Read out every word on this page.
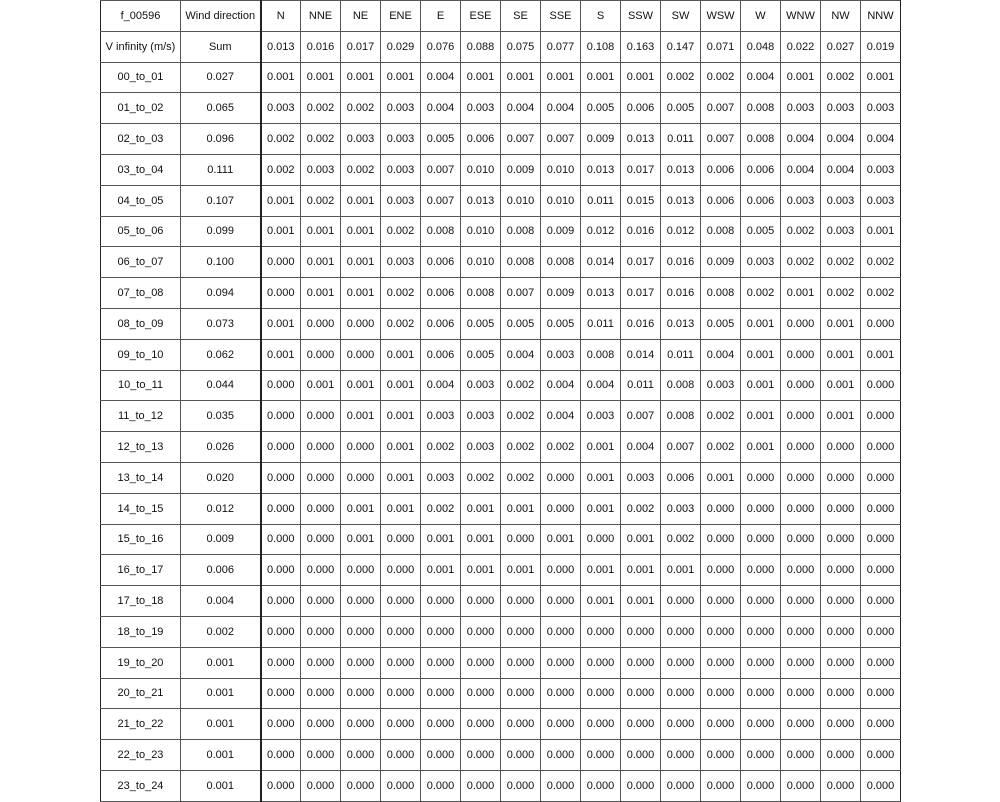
f_00596	Wind direction	N	NNE	NE	ENE	E	ESE	SE	SSE	S	SSW	SW	WSW	W	WNW	NW	NNW
V infinity (m/s)	Sum	0.013	0.016	0.017	0.029	0.076	0.088	0.075	0.077	0.108	0.163	0.147	0.071	0.048	0.022	0.027	0.019
00_to_01	0.027	0.001	0.001	0.001	0.001	0.004	0.001	0.001	0.001	0.001	0.001	0.002	0.002	0.004	0.001	0.002	0.001
01_to_02	0.065	0.003	0.002	0.002	0.003	0.004	0.003	0.004	0.004	0.005	0.006	0.005	0.007	0.008	0.003	0.003	0.003
02_to_03	0.096	0.002	0.002	0.003	0.003	0.005	0.006	0.007	0.007	0.009	0.013	0.011	0.007	0.008	0.004	0.004	0.004
03_to_04	0.111	0.002	0.003	0.002	0.003	0.007	0.010	0.009	0.010	0.013	0.017	0.013	0.006	0.006	0.004	0.004	0.003
04_to_05	0.107	0.001	0.002	0.001	0.003	0.007	0.013	0.010	0.010	0.011	0.015	0.013	0.006	0.006	0.003	0.003	0.003
05_to_06	0.099	0.001	0.001	0.001	0.002	0.008	0.010	0.008	0.009	0.012	0.016	0.012	0.008	0.005	0.002	0.003	0.001
06_to_07	0.100	0.000	0.001	0.001	0.003	0.006	0.010	0.008	0.008	0.014	0.017	0.016	0.009	0.003	0.002	0.002	0.002
07_to_08	0.094	0.000	0.001	0.001	0.002	0.006	0.008	0.007	0.009	0.013	0.017	0.016	0.008	0.002	0.001	0.002	0.002
08_to_09	0.073	0.001	0.000	0.000	0.002	0.006	0.005	0.005	0.005	0.011	0.016	0.013	0.005	0.001	0.000	0.001	0.000
09_to_10	0.062	0.001	0.000	0.000	0.001	0.006	0.005	0.004	0.003	0.008	0.014	0.011	0.004	0.001	0.000	0.001	0.001
10_to_11	0.044	0.000	0.001	0.001	0.001	0.004	0.003	0.002	0.004	0.004	0.011	0.008	0.003	0.001	0.000	0.001	0.000
11_to_12	0.035	0.000	0.000	0.001	0.001	0.003	0.003	0.002	0.004	0.003	0.007	0.008	0.002	0.001	0.000	0.001	0.000
12_to_13	0.026	0.000	0.000	0.000	0.001	0.002	0.003	0.002	0.002	0.001	0.004	0.007	0.002	0.001	0.000	0.000	0.000
13_to_14	0.020	0.000	0.000	0.000	0.001	0.003	0.002	0.002	0.000	0.001	0.003	0.006	0.001	0.000	0.000	0.000	0.000
14_to_15	0.012	0.000	0.000	0.001	0.001	0.002	0.001	0.001	0.000	0.001	0.002	0.003	0.000	0.000	0.000	0.000	0.000
15_to_16	0.009	0.000	0.000	0.001	0.000	0.001	0.001	0.000	0.001	0.000	0.001	0.002	0.000	0.000	0.000	0.000	0.000
16_to_17	0.006	0.000	0.000	0.000	0.000	0.001	0.001	0.001	0.000	0.001	0.001	0.001	0.000	0.000	0.000	0.000	0.000
17_to_18	0.004	0.000	0.000	0.000	0.000	0.000	0.000	0.000	0.000	0.001	0.001	0.000	0.000	0.000	0.000	0.000	0.000
18_to_19	0.002	0.000	0.000	0.000	0.000	0.000	0.000	0.000	0.000	0.000	0.000	0.000	0.000	0.000	0.000	0.000	0.000
19_to_20	0.001	0.000	0.000	0.000	0.000	0.000	0.000	0.000	0.000	0.000	0.000	0.000	0.000	0.000	0.000	0.000	0.000
20_to_21	0.001	0.000	0.000	0.000	0.000	0.000	0.000	0.000	0.000	0.000	0.000	0.000	0.000	0.000	0.000	0.000	0.000
21_to_22	0.001	0.000	0.000	0.000	0.000	0.000	0.000	0.000	0.000	0.000	0.000	0.000	0.000	0.000	0.000	0.000	0.000
22_to_23	0.001	0.000	0.000	0.000	0.000	0.000	0.000	0.000	0.000	0.000	0.000	0.000	0.000	0.000	0.000	0.000	0.000
23_to_24	0.001	0.000	0.000	0.000	0.000	0.000	0.000	0.000	0.000	0.000	0.000	0.000	0.000	0.000	0.000	0.000	0.000
